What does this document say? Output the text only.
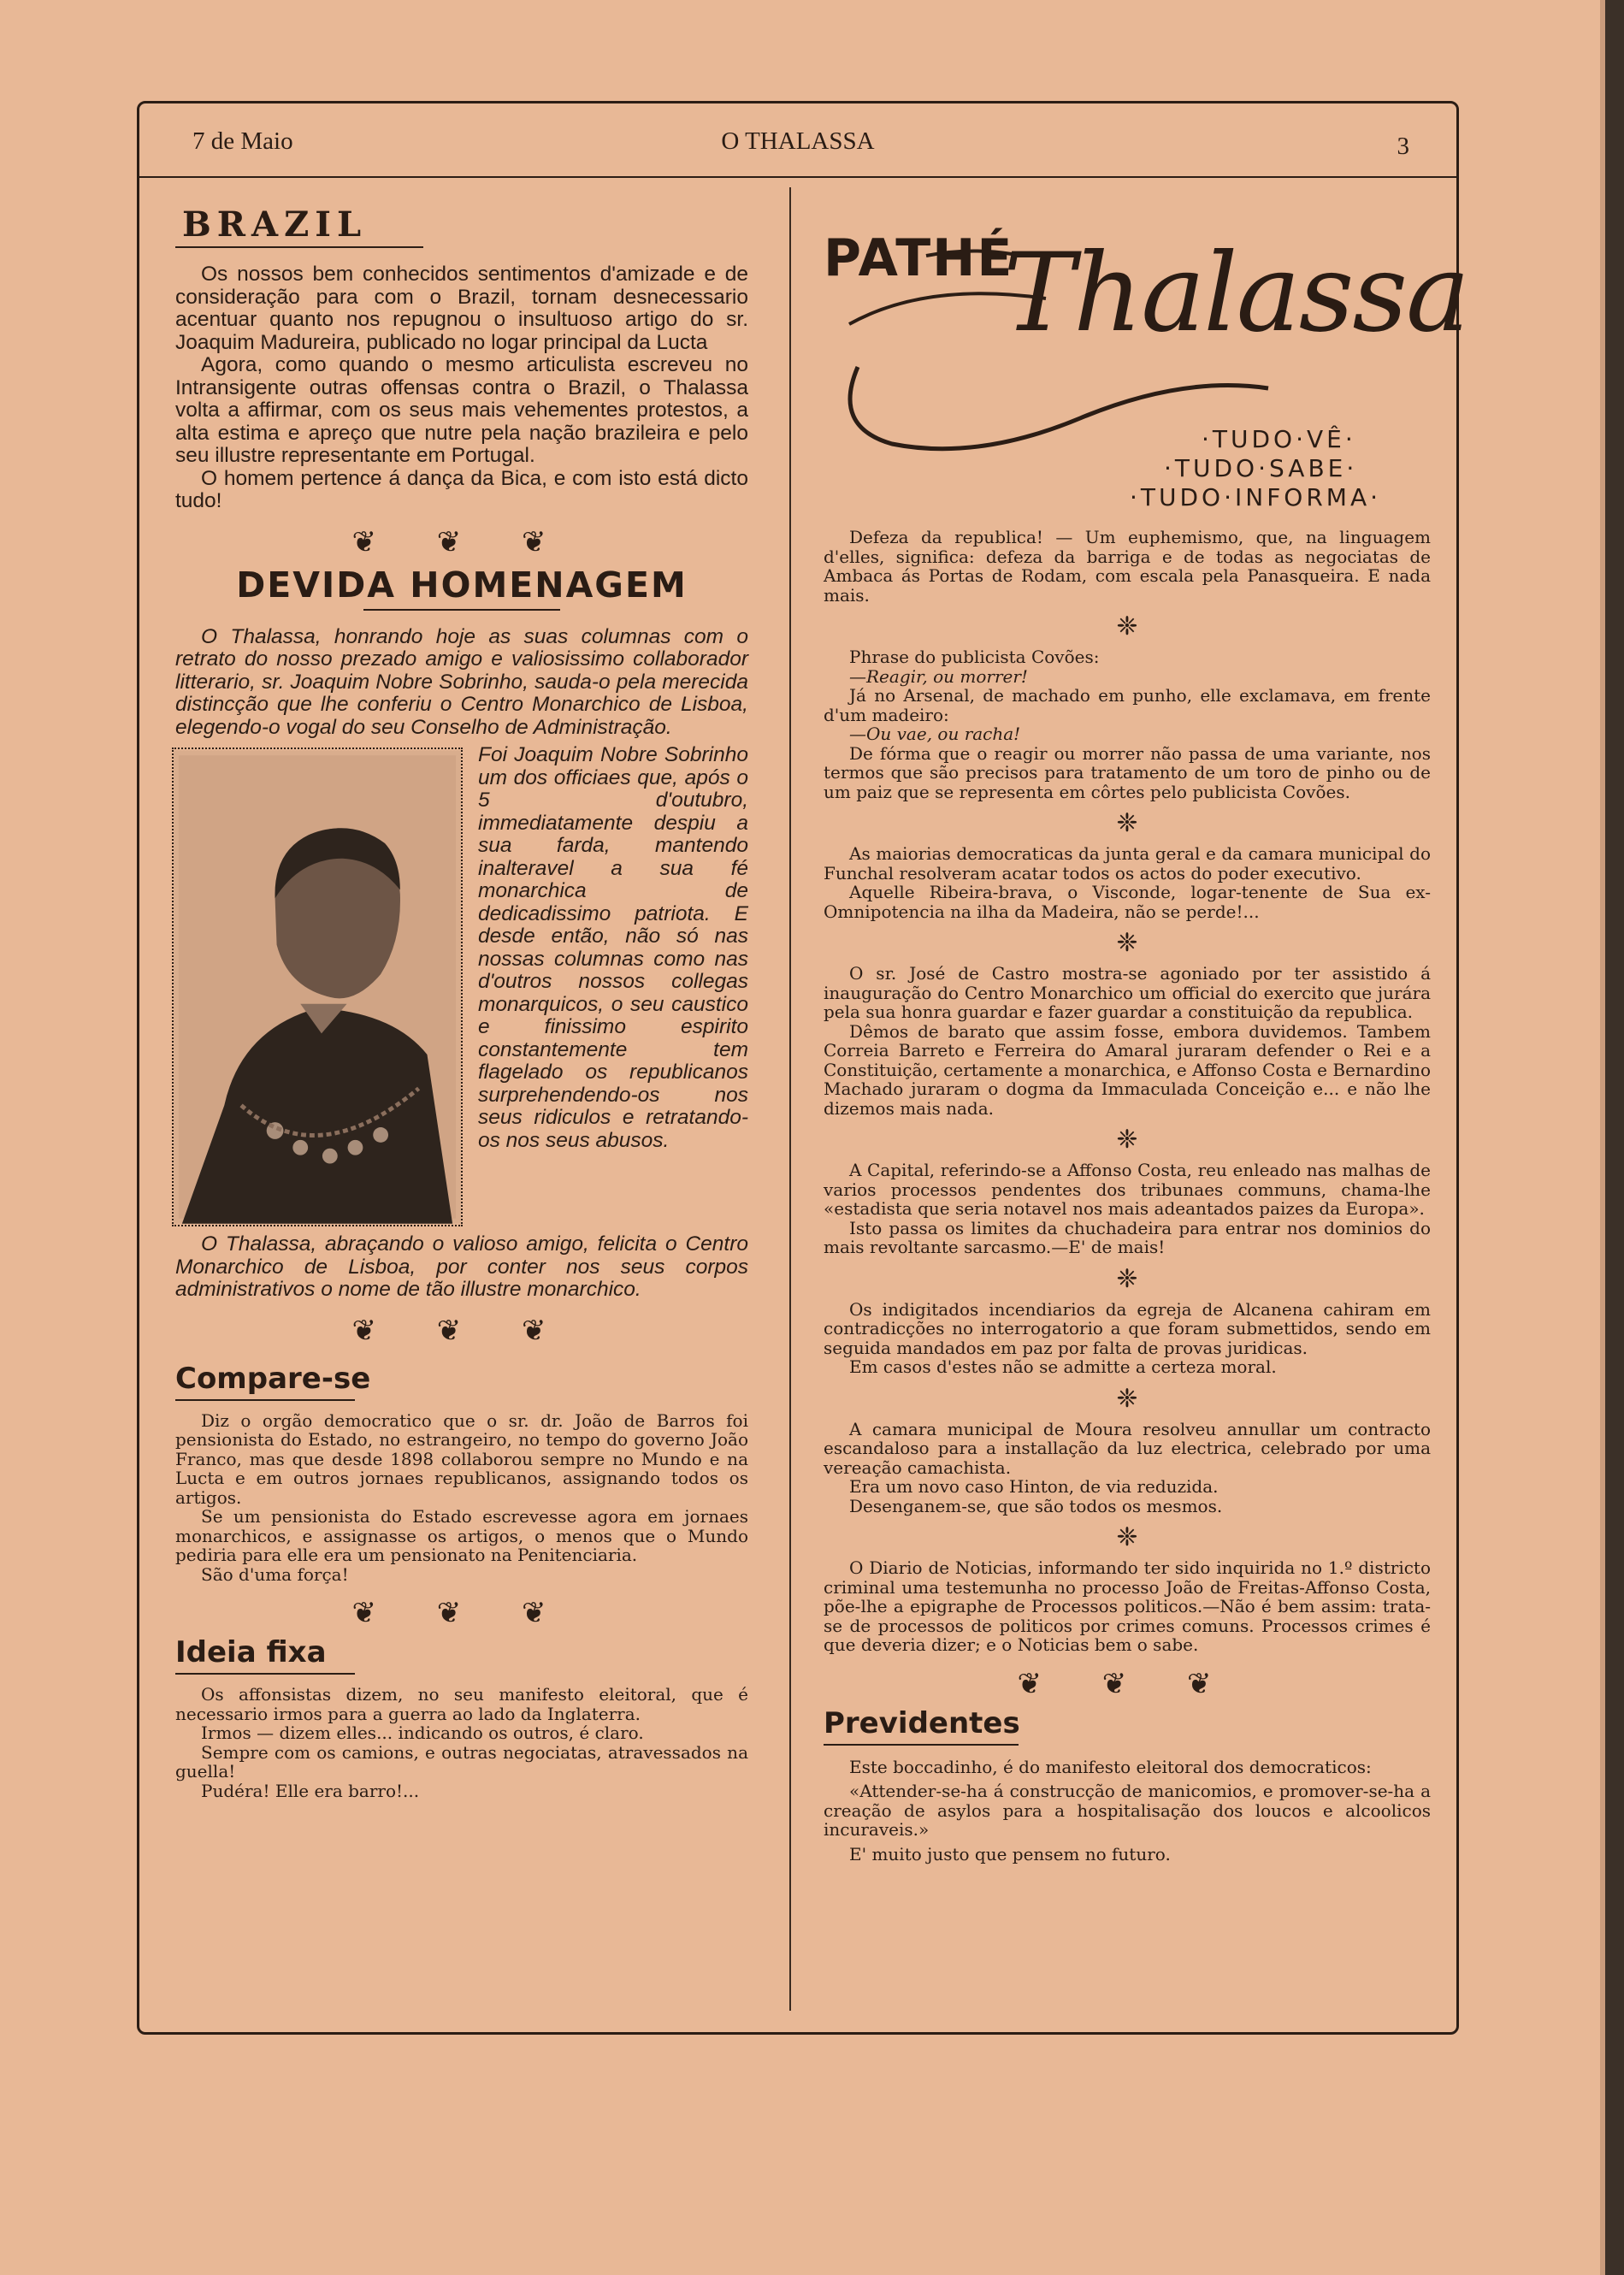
7 de Maio	O THALASSA	3
BRAZIL

Os nossos bem conhecidos sentimentos d'amizade e de consideração para com o Brazil, tornam desnecessario acentuar quanto nos repugnou o insultuoso artigo do sr. Joaquim Madureira, publicado no logar principal da Lucta

Agora, como quando o mesmo articulista escreveu no Intransigente outras offensas contra o Brazil, o Thalassa volta a affirmar, com os seus mais vehementes protestos, a alta estima e apreço que nutre pela nação brazileira e pelo seu illustre representante em Portugal.

O homem pertence á dança da Bica, e com isto está dicto tudo!

❦ ❦ ❦
DEVIDA HOMENAGEM

O Thalassa, honrando hoje as suas columnas com o retrato do nosso prezado amigo e valiosissimo collaborador litterario, sr. Joaquim Nobre Sobrinho, sauda-o pela merecida distincção que lhe conferiu o Centro Monarchico de Lisboa, elegendo-o vogal do seu Conselho de Administração.

Foi Joaquim Nobre Sobrinho um dos officiaes que, após o 5 d'outubro, immediatamente despiu a sua farda, mantendo inalteravel a sua fé monarchica de dedicadissimo patriota. E desde então, não só nas nossas columnas como nas d'outros nossos collegas monarquicos, o seu caustico e finissimo espirito constantemente tem flagelado os republicanos surprehendendo-os nos seus ridiculos e retratando-os nos seus abusos.

O Thalassa, abraçando o valioso amigo, felicita o Centro Monarchico de Lisboa, por conter nos seus corpos administrativos o nome de tão illustre monarchico.

❦ ❦ ❦
Compare-se

Diz o orgão democratico que o sr. dr. João de Barros foi pensionista do Estado, no estrangeiro, no tempo do governo João Franco, mas que desde 1898 collaborou sempre no Mundo e na Lucta e em outros jornaes republicanos, assignando todos os artigos.

Se um pensionista do Estado escrevesse agora em jornaes monarchicos, e assignasse os artigos, o menos que o Mundo pediria para elle era um pensionato na Penitenciaria.

São d'uma força!

❦ ❦ ❦
Ideia fixa

Os affonsistas dizem, no seu manifesto eleitoral, que é necessario irmos para a guerra ao lado da Inglaterra.

Irmos — dizem elles... indicando os outros, é claro.

Sempre com os camions, e outras negociatas, atravessados na guella!

Pudéra! Elle era barro!...

PATHÉ
Thalassa
·TUDO·VÊ·
·TUDO·SABE·
·TUDO·INFORMA·

Defeza da republica! — Um euphemismo, que, na linguagem d'elles, significa: defeza da barriga e de todas as negociatas de Ambaca ás Portas de Rodam, com escala pela Panasqueira. E nada mais.

❈

Phrase do publicista Covões:

—Reagir, ou morrer!

Já no Arsenal, de machado em punho, elle exclamava, em frente d'um madeiro:

—Ou vae, ou racha!

De fórma que o reagir ou morrer não passa de uma variante, nos termos que são precisos para tratamento de um toro de pinho ou de um paiz que se representa em côrtes pelo publicista Covões.

❈

As maiorias democraticas da junta geral e da camara municipal do Funchal resolveram acatar todos os actos do poder executivo.

Aquelle Ribeira-brava, o Visconde, logar-tenente de Sua ex-Omnipotencia na ilha da Madeira, não se perde!...

❈

O sr. José de Castro mostra-se agoniado por ter assistido á inauguração do Centro Monarchico um official do exercito que jurára pela sua honra guardar e fazer guardar a constituição da republica.

Dêmos de barato que assim fosse, embora duvidemos. Tambem Correia Barreto e Ferreira do Amaral juraram defender o Rei e a Constituição, certamente a monarchica, e Affonso Costa e Bernardino Machado juraram o dogma da Immaculada Conceição e... e não lhe dizemos mais nada.

❈

A Capital, referindo-se a Affonso Costa, reu enleado nas malhas de varios processos pendentes dos tribunaes communs, chama-lhe «estadista que seria notavel nos mais adeantados paizes da Europa».

Isto passa os limites da chuchadeira para entrar nos dominios do mais revoltante sarcasmo.—E' de mais!

❈

Os indigitados incendiarios da egreja de Alcanena cahiram em contradicções no interrogatorio a que foram submettidos, sendo em seguida mandados em paz por falta de provas juridicas.

Em casos d'estes não se admitte a certeza moral.

❈

A camara municipal de Moura resolveu annullar um contracto escandaloso para a installação da luz electrica, celebrado por uma vereação camachista.

Era um novo caso Hinton, de via reduzida.

Desenganem-se, que são todos os mesmos.

❈

O Diario de Noticias, informando ter sido inquirida no 1.º districto criminal uma testemunha no processo João de Freitas-Affonso Costa, põe-lhe a epigraphe de Processos politicos.—Não é bem assim: trata-se de processos de politicos por crimes comuns. Processos crimes é que deveria dizer; e o Noticias bem o sabe.

❦ ❦ ❦
Previdentes

Este boccadinho, é do manifesto eleitoral dos democraticos:

«Attender-se-ha á construcção de manicomios, e promover-se-ha a creação de asylos para a hospitalisação dos loucos e alcoolicos incuraveis.»

E' muito justo que pensem no futuro.
